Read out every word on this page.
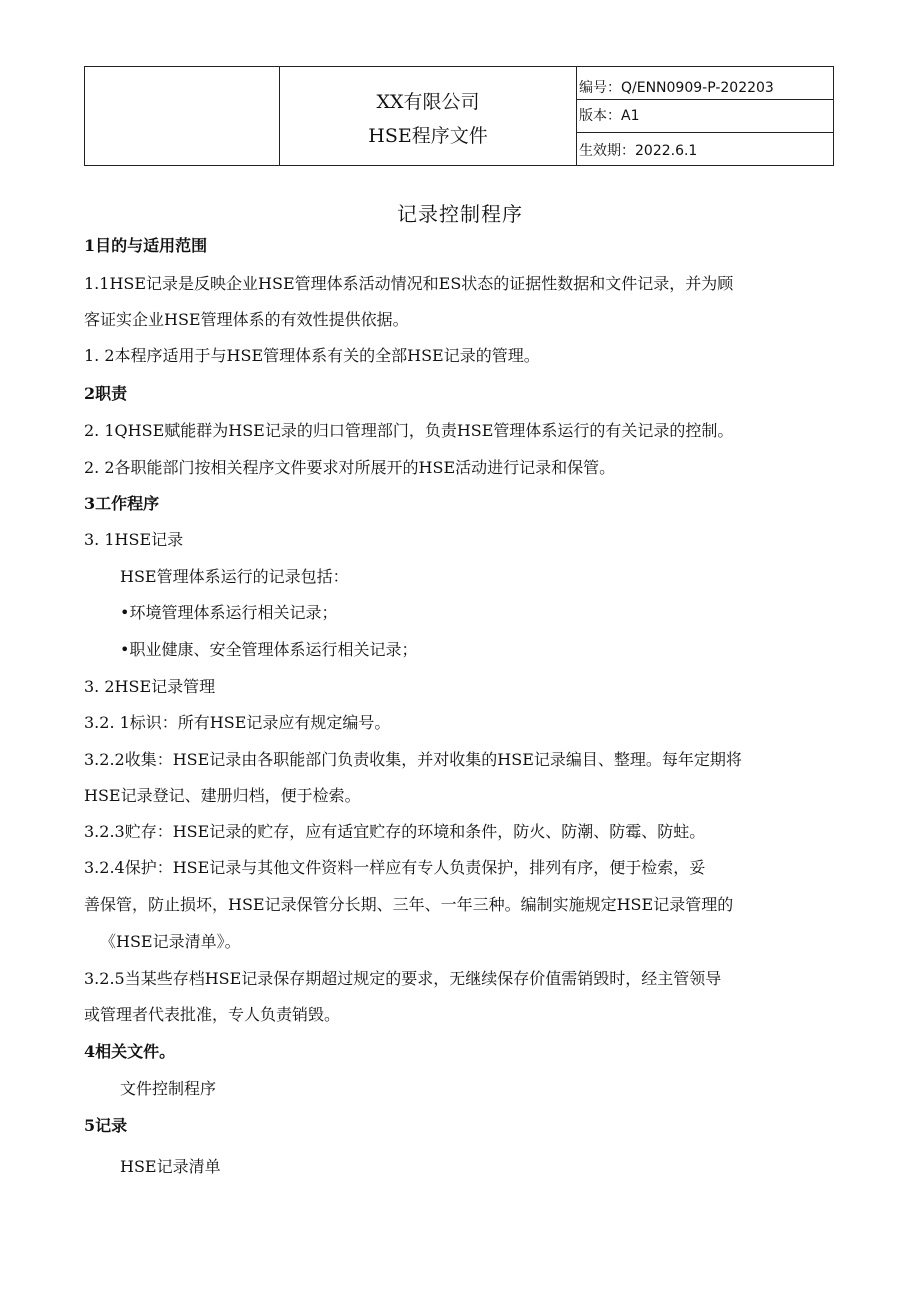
XX有限公司
HSE程序文件
编号：Q/ENN0909-P-202203
版本：A1
生效期：2022.6.1
记录控制程序
1目的与适用范围
1.1HSE记录是反映企业HSE管理体系活动情况和ES状态的证据性数据和文件记录，并为顾
客证实企业HSE管理体系的有效性提供依据。
1. 2本程序适用于与HSE管理体系有关的全部HSE记录的管理。
2职责
2. 1QHSE赋能群为HSE记录的归口管理部门，负责HSE管理体系运行的有关记录的控制。
2. 2各职能部门按相关程序文件要求对所展开的HSE活动进行记录和保管。
3工作程序
3. 1HSE记录
HSE管理体系运行的记录包括：
•环境管理体系运行相关记录；
•职业健康、安全管理体系运行相关记录；
3. 2HSE记录管理
3.2. 1标识：所有HSE记录应有规定编号。
3.2.2收集：HSE记录由各职能部门负责收集，并对收集的HSE记录编目、整理。每年定期将
HSE记录登记、建册归档，便于检索。
3.2.3贮存：HSE记录的贮存，应有适宜贮存的环境和条件，防火、防潮、防霉、防蛀。
3.2.4保护：HSE记录与其他文件资料一样应有专人负责保护，排列有序，便于检索，妥
善保管，防止损坏，HSE记录保管分长期、三年、一年三种。编制实施规定HSE记录管理的
《HSE记录清单》。
3.2.5当某些存档HSE记录保存期超过规定的要求，无继续保存价值需销毁时，经主管领导
或管理者代表批准，专人负责销毁。
4相关文件。
文件控制程序
5记录
HSE记录清单
